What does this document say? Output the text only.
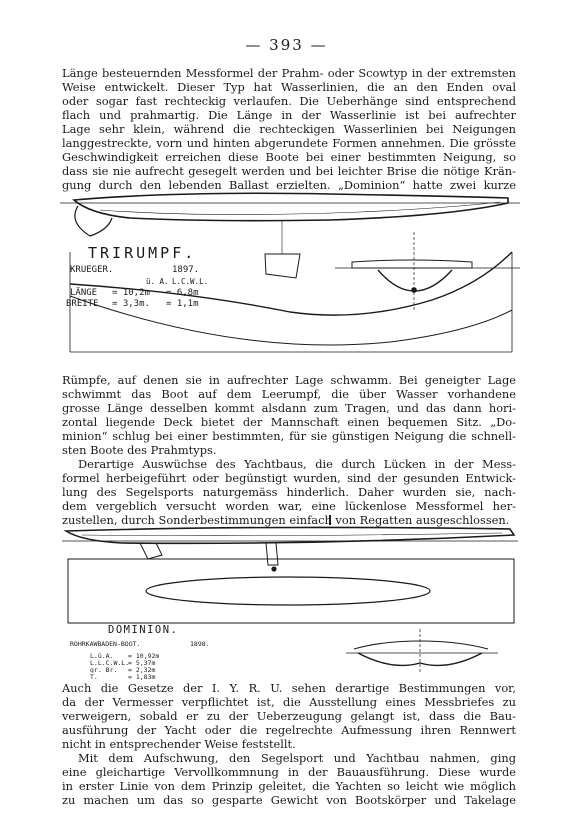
— 393 —

Länge besteuernden Messformel der Prahm- oder Scowtyp in der extremsten
Weise entwickelt. Dieser Typ hat Wasserlinien, die an den Enden oval
oder sogar fast rechteckig verlaufen. Die Ueberhänge sind entsprechend
flach und prahmartig. Die Länge in der Wasserlinie ist bei aufrechter
Lage sehr klein, während die rechteckigen Wasserlinien bei Neigungen
langgestreckte, vorn und hinten abgerundete Formen annehmen. Die grösste
Geschwindigkeit erreichen diese Boote bei einer bestimmten Neigung, so
dass sie nie aufrecht gesegelt werden und bei leichter Brise die nötige Krän-
gung durch den lebenden Ballast erzielten. „Dominion“ hatte zwei kurze

TRIRUMPF.
KRUEGER.	1897.
ü. A. L.C.W.L.
LÄNGE = 10,2m = 6,8m
BREITE = 3,3m. = 1,1m

Rümpfe, auf denen sie in aufrechter Lage schwamm. Bei geneigter Lage
schwimmt das Boot auf dem Leerumpf, die über Wasser vorhandene
grosse Länge desselben kommt alsdann zum Tragen, und das dann hori-
zontal liegende Deck bietet der Mannschaft einen bequemen Sitz. „Do-
minion“ schlug bei einer bestimmten, für sie günstigen Neigung die schnell-
sten Boote des Prahmtyps.

Derartige Auswüchse des Yachtbaus, die durch Lücken in der Mess-
formel herbeigeführt oder begünstigt wurden, sind der gesunden Entwick-
lung des Segelsports naturgemäss hinderlich. Daher wurden sie, nach-
dem vergeblich versucht worden war, eine lückenlose Messformel her-
zustellen, durch Sonderbestimmungen einfach von Regatten ausgeschlossen.

DOMINION.
ROHRKAWBADEN-BOOT.	1898.
L.ü.A. = 10,92m
L.L.C.W.L.
= 5,37m
gr. Br. = 2,32m
T.	= 1,83m

Auch die Gesetze der I. Y. R. U. sehen derartige Bestimmungen vor,
da der Vermesser verpflichtet ist, die Ausstellung eines Messbriefes zu
verweigern, sobald er zu der Ueberzeugung gelangt ist, dass die Bau-
ausführung der Yacht oder die regelrechte Aufmessung ihren Rennwert
nicht in entsprechender Weise feststellt.

Mit dem Aufschwung, den Segelsport und Yachtbau nahmen, ging
eine gleichartige Vervollkommnung in der Bauausführung. Diese wurde
in erster Linie von dem Prinzip geleitet, die Yachten so leicht wie möglich
zu machen um das so gesparte Gewicht von Bootskörper und Takelage
